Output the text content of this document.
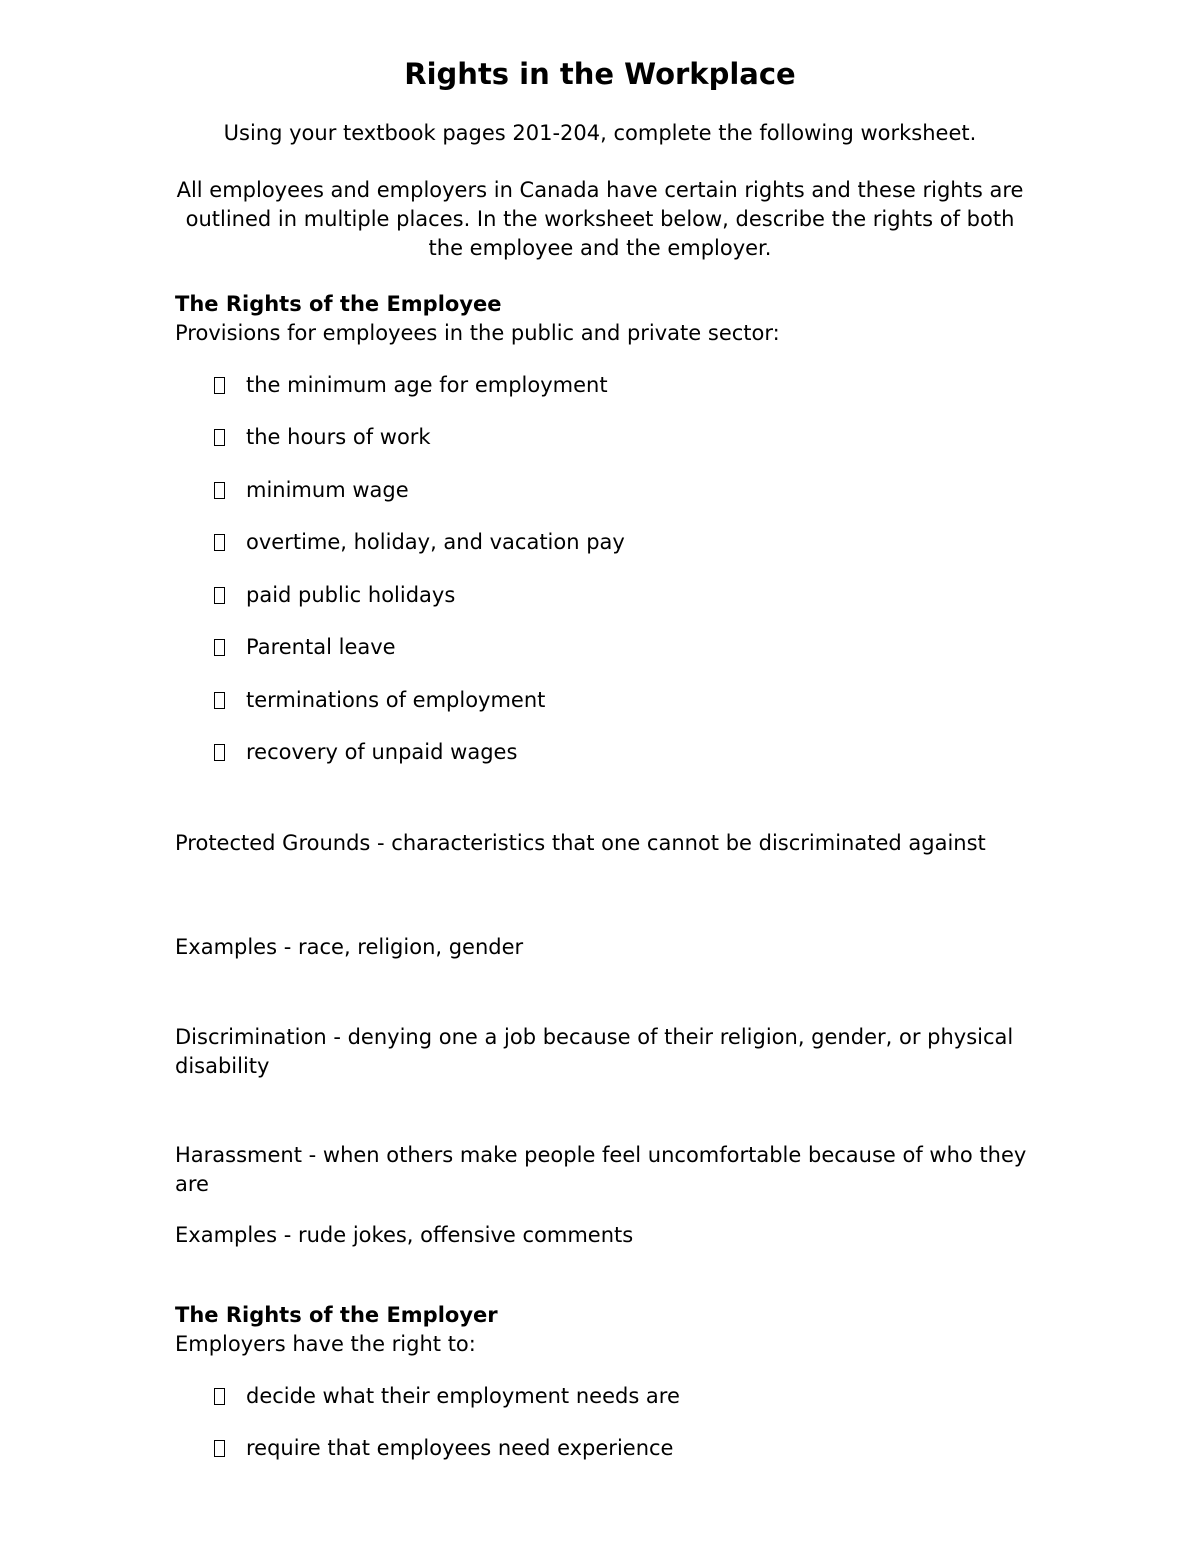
Rights in the Workplace

Using your textbook pages 201-204, complete the following worksheet.

All employees and employers in Canada have certain rights and these rights are

outlined in multiple places. In the worksheet below, describe the rights of both

the employee and the employer.

The Rights of the Employee

Provisions for employees in the public and private sector:

the minimum age for employment
the hours of work
minimum wage
overtime, holiday, and vacation pay
paid public holidays
Parental leave
terminations of employment
recovery of unpaid wages

Protected Grounds - characteristics that one cannot be discriminated against

Examples - race, religion, gender

Discrimination - denying one a job because of their religion, gender, or physical disability

Harassment - when others make people feel uncomfortable because of who they are

Examples - rude jokes, offensive comments

The Rights of the Employer

Employers have the right to:

decide what their employment needs are
require that employees need experience
